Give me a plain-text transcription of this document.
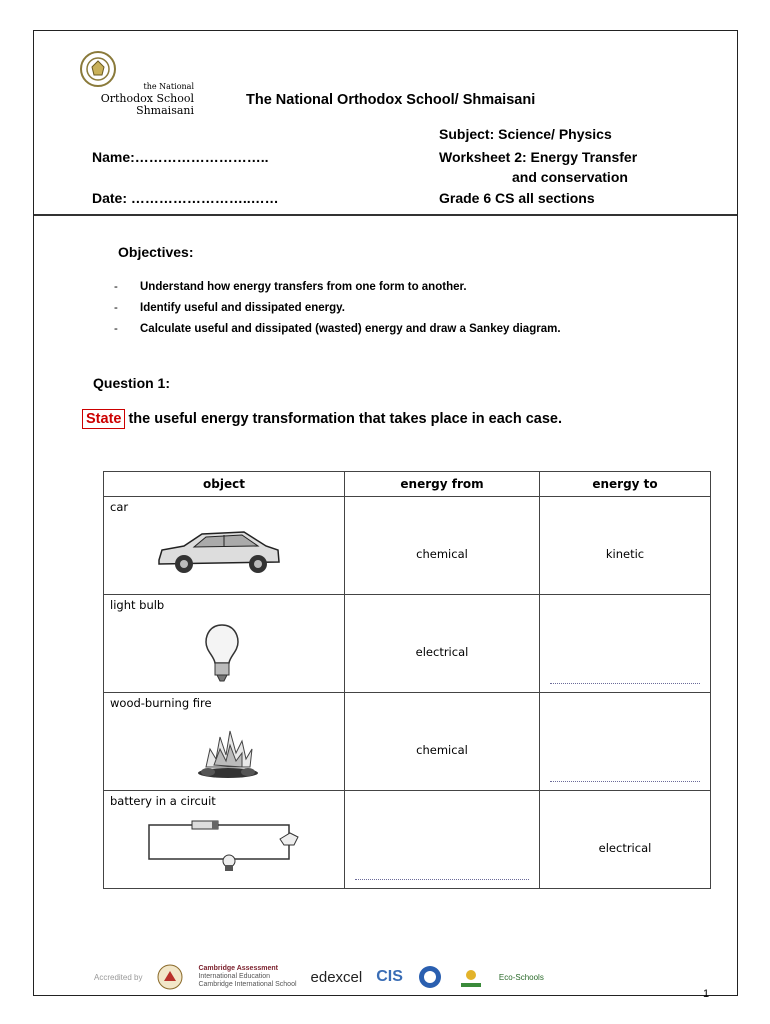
the National
Orthodox School
Shmaisani
The National Orthodox School/ Shmaisani
Subject: Science/ Physics
Name:………………………..	Worksheet 2: Energy Transfer
and conservation
Date: ……………………..……	Grade 6 CS all sections
Objectives:
- Understand how energy transfers from one form to another.
- Identify useful and dissipated energy.
- Calculate useful and dissipated (wasted) energy and draw a Sankey diagram.
Question 1:
State the useful energy transformation that takes place in each case.
object	energy from	energy to

car	chemical	kinetic

light bulb	electrical	

wood-burning fire	chemical	

battery in a circuit		electrical
Accredited by
Cambridge Assessment
International Education
Cambridge International School edexcel CIS	Eco-Schools
1
